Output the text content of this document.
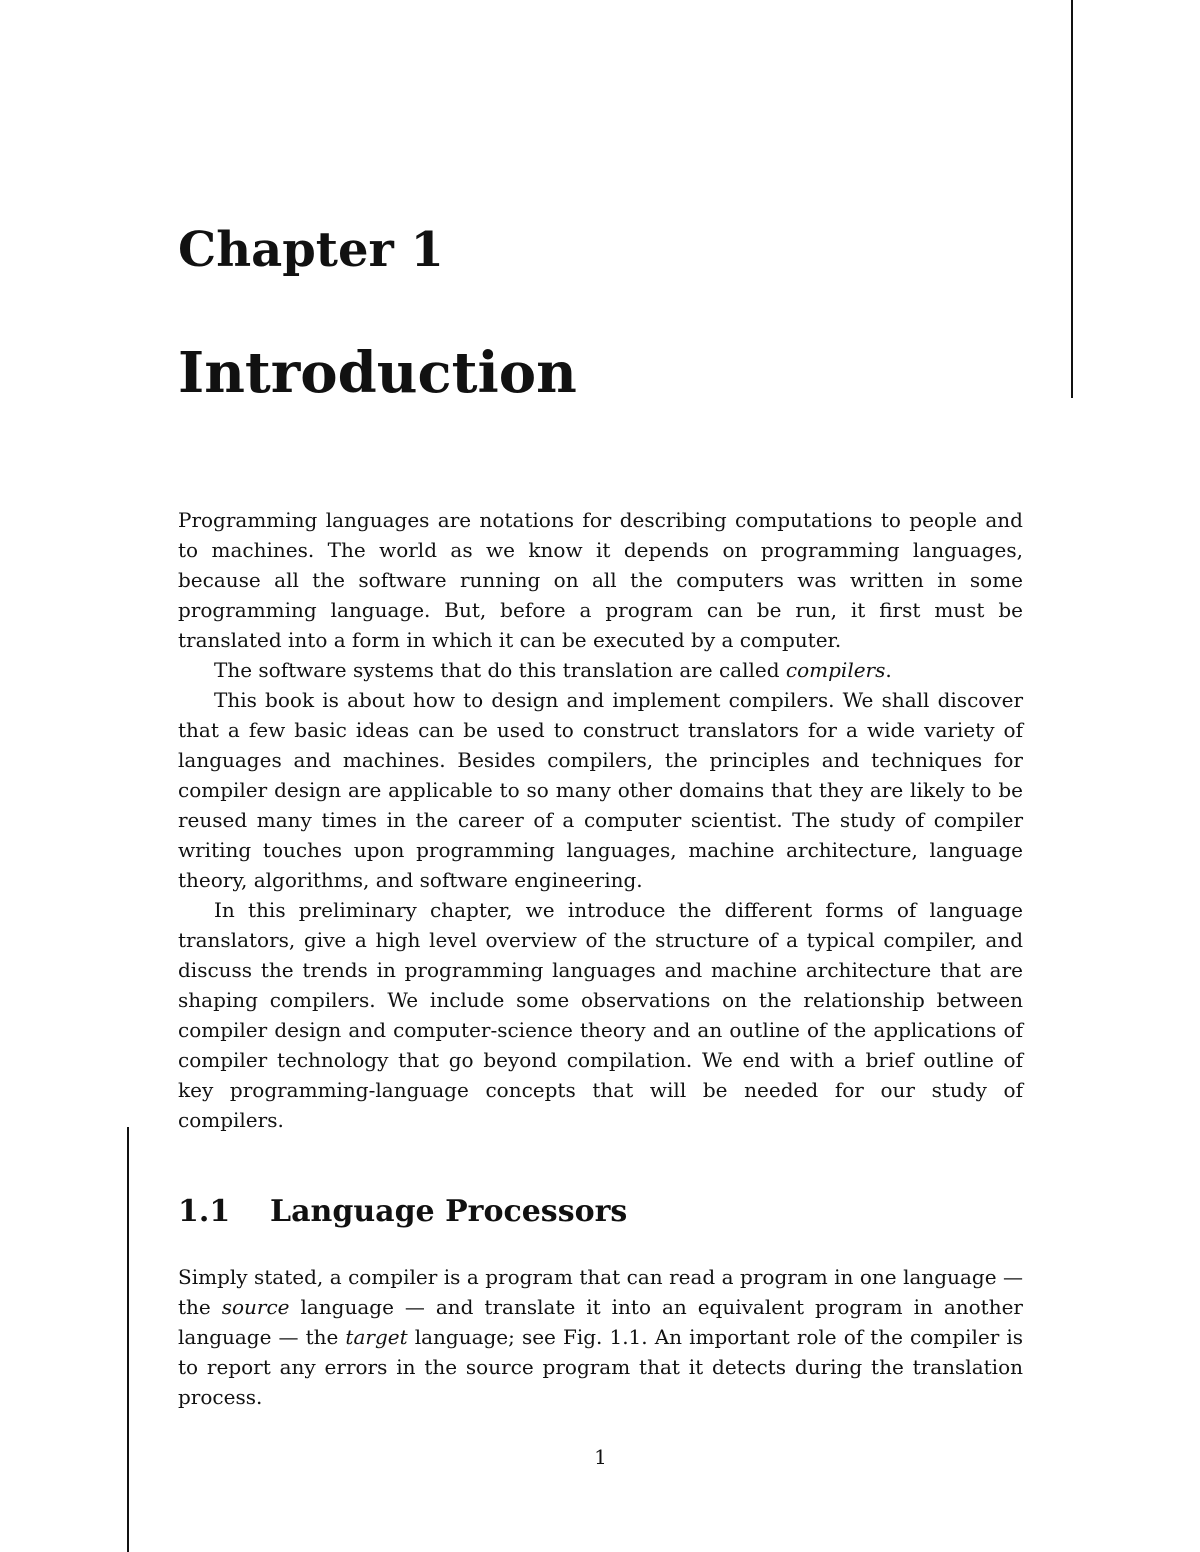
Chapter 1
Introduction

Programming languages are notations for describing computations to people and to machines. The world as we know it depends on programming languages, because all the software running on all the computers was written in some programming language. But, before a program can be run, it first must be translated into a form in which it can be executed by a computer.

The software systems that do this translation are called compilers.

This book is about how to design and implement compilers. We shall discover that a few basic ideas can be used to construct translators for a wide variety of languages and machines. Besides compilers, the principles and techniques for compiler design are applicable to so many other domains that they are likely to be reused many times in the career of a computer scientist. The study of compiler writing touches upon programming languages, machine architecture, language theory, algorithms, and software engineering.

In this preliminary chapter, we introduce the different forms of language translators, give a high level overview of the structure of a typical compiler, and discuss the trends in programming languages and machine architecture that are shaping compilers. We include some observations on the relationship between compiler design and computer-science theory and an outline of the applications of compiler technology that go beyond compilation. We end with a brief outline of key programming-language concepts that will be needed for our study of compilers.

1.1 Language Processors

Simply stated, a compiler is a program that can read a program in one language — the source language — and translate it into an equivalent program in another language — the target language; see Fig. 1.1. An important role of the compiler is to report any errors in the source program that it detects during the translation process.

1
